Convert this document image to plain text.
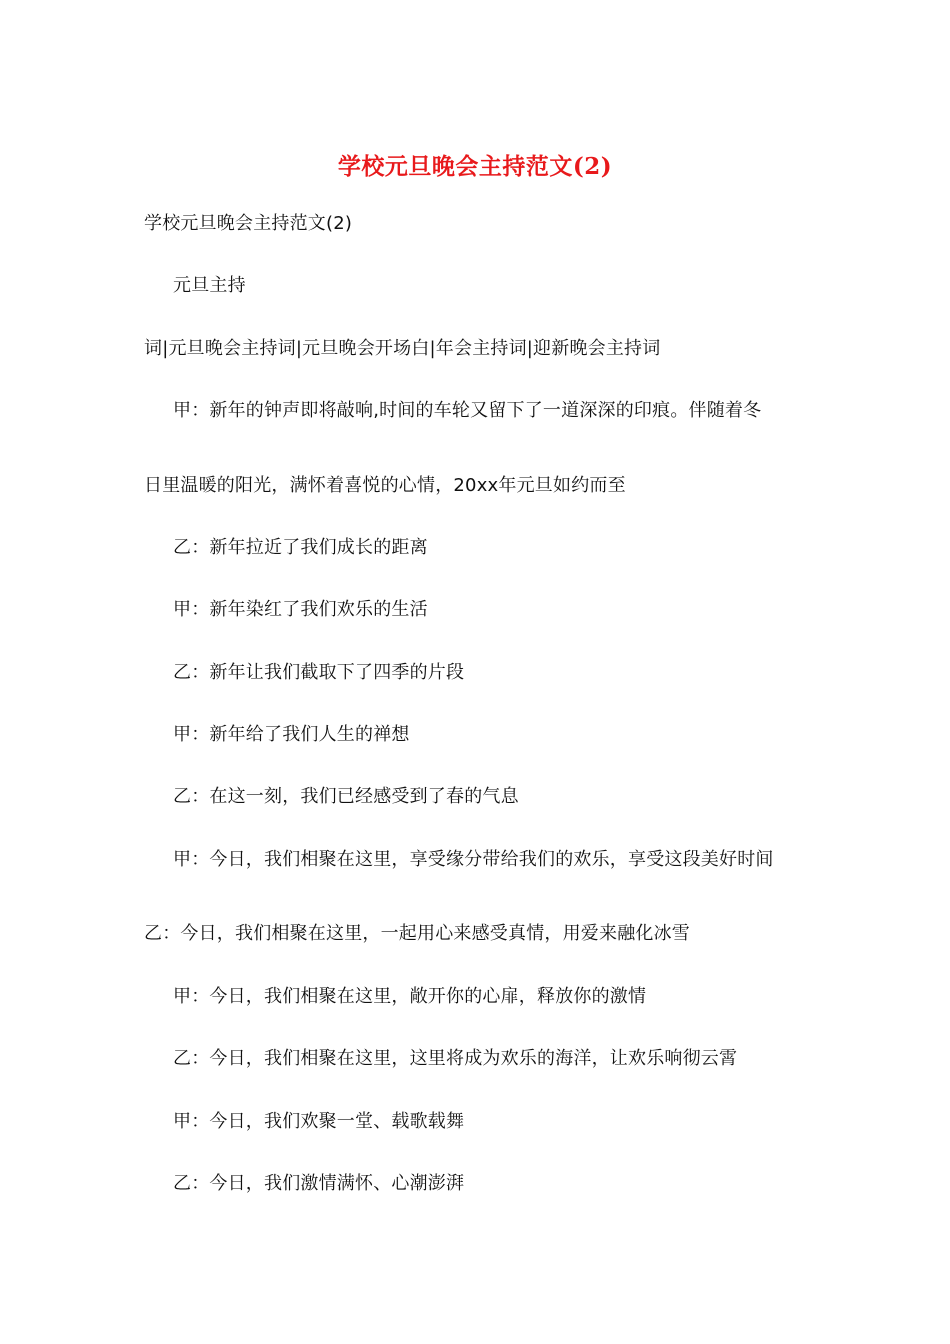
学校元旦晚会主持范文(2)
学校元旦晚会主持范文(2)
元旦主持
词|元旦晚会主持词|元旦晚会开场白|年会主持词|迎新晚会主持词
甲：新年的钟声即将敲响,时间的车轮又留下了一道深深的印痕。伴随着冬
日里温暖的阳光，满怀着喜悦的心情，20xx年元旦如约而至
乙：新年拉近了我们成长的距离
甲：新年染红了我们欢乐的生活
乙：新年让我们截取下了四季的片段
甲：新年给了我们人生的禅想
乙：在这一刻，我们已经感受到了春的气息
甲：今日，我们相聚在这里，享受缘分带给我们的欢乐，享受这段美好时间
乙：今日，我们相聚在这里，一起用心来感受真情，用爱来融化冰雪
甲：今日，我们相聚在这里，敞开你的心扉，释放你的激情
乙：今日，我们相聚在这里，这里将成为欢乐的海洋，让欢乐响彻云霄
甲：今日，我们欢聚一堂、载歌载舞
乙：今日，我们激情满怀、心潮澎湃
